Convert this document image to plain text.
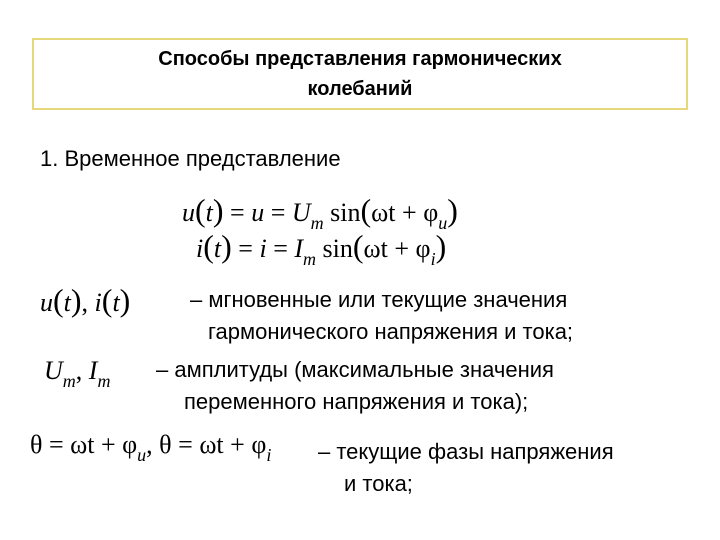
Способы представления гармонических
колебаний
1. Временное представление
$u(t) = u = U_m$ $\sin(\omega t + \varphi_u)$
$i(t) = i = I_m$ $\sin(\omega t + \varphi_i)$
u(t), i(t)	– мгновенные или текущие значения
гармонического напряжения и тока;
$U_m$, $I_m$ – амплитуды (максимальные значения
переменного напряжения и тока);
$\theta = \omega t + \varphi_u$, $\theta = \omega t + \varphi_i$ – текущие фазы напряжения
и тока;
